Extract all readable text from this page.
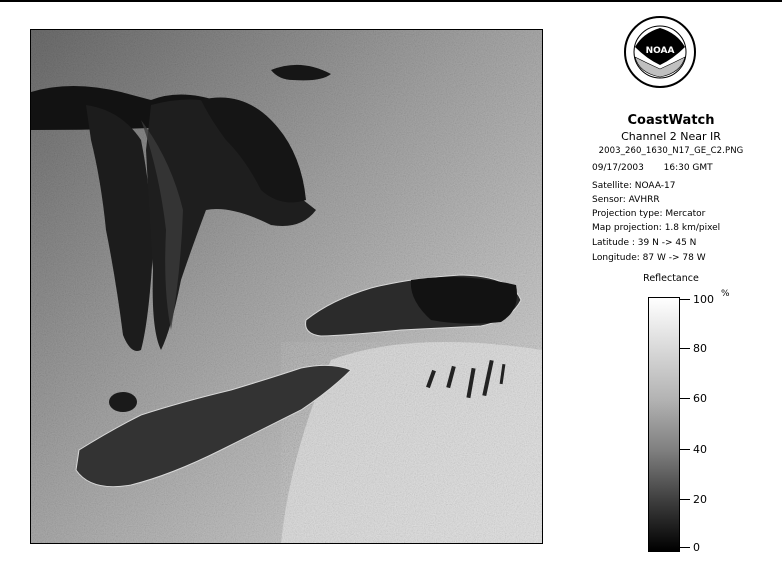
NOAA
CoastWatch
Channel 2 Near IR
2003_260_1630_N17_GE_C2.PNG
09/17/2003 16:30 GMT
Satellite: NOAA-17
Sensor: AVHRR
Projection type: Mercator
Map projection: 1.8 km/pixel
Latitude : 39 N -> 45 N
Longitude: 87 W -> 78 W
Reflectance
%
100
80
60
40
20
0
